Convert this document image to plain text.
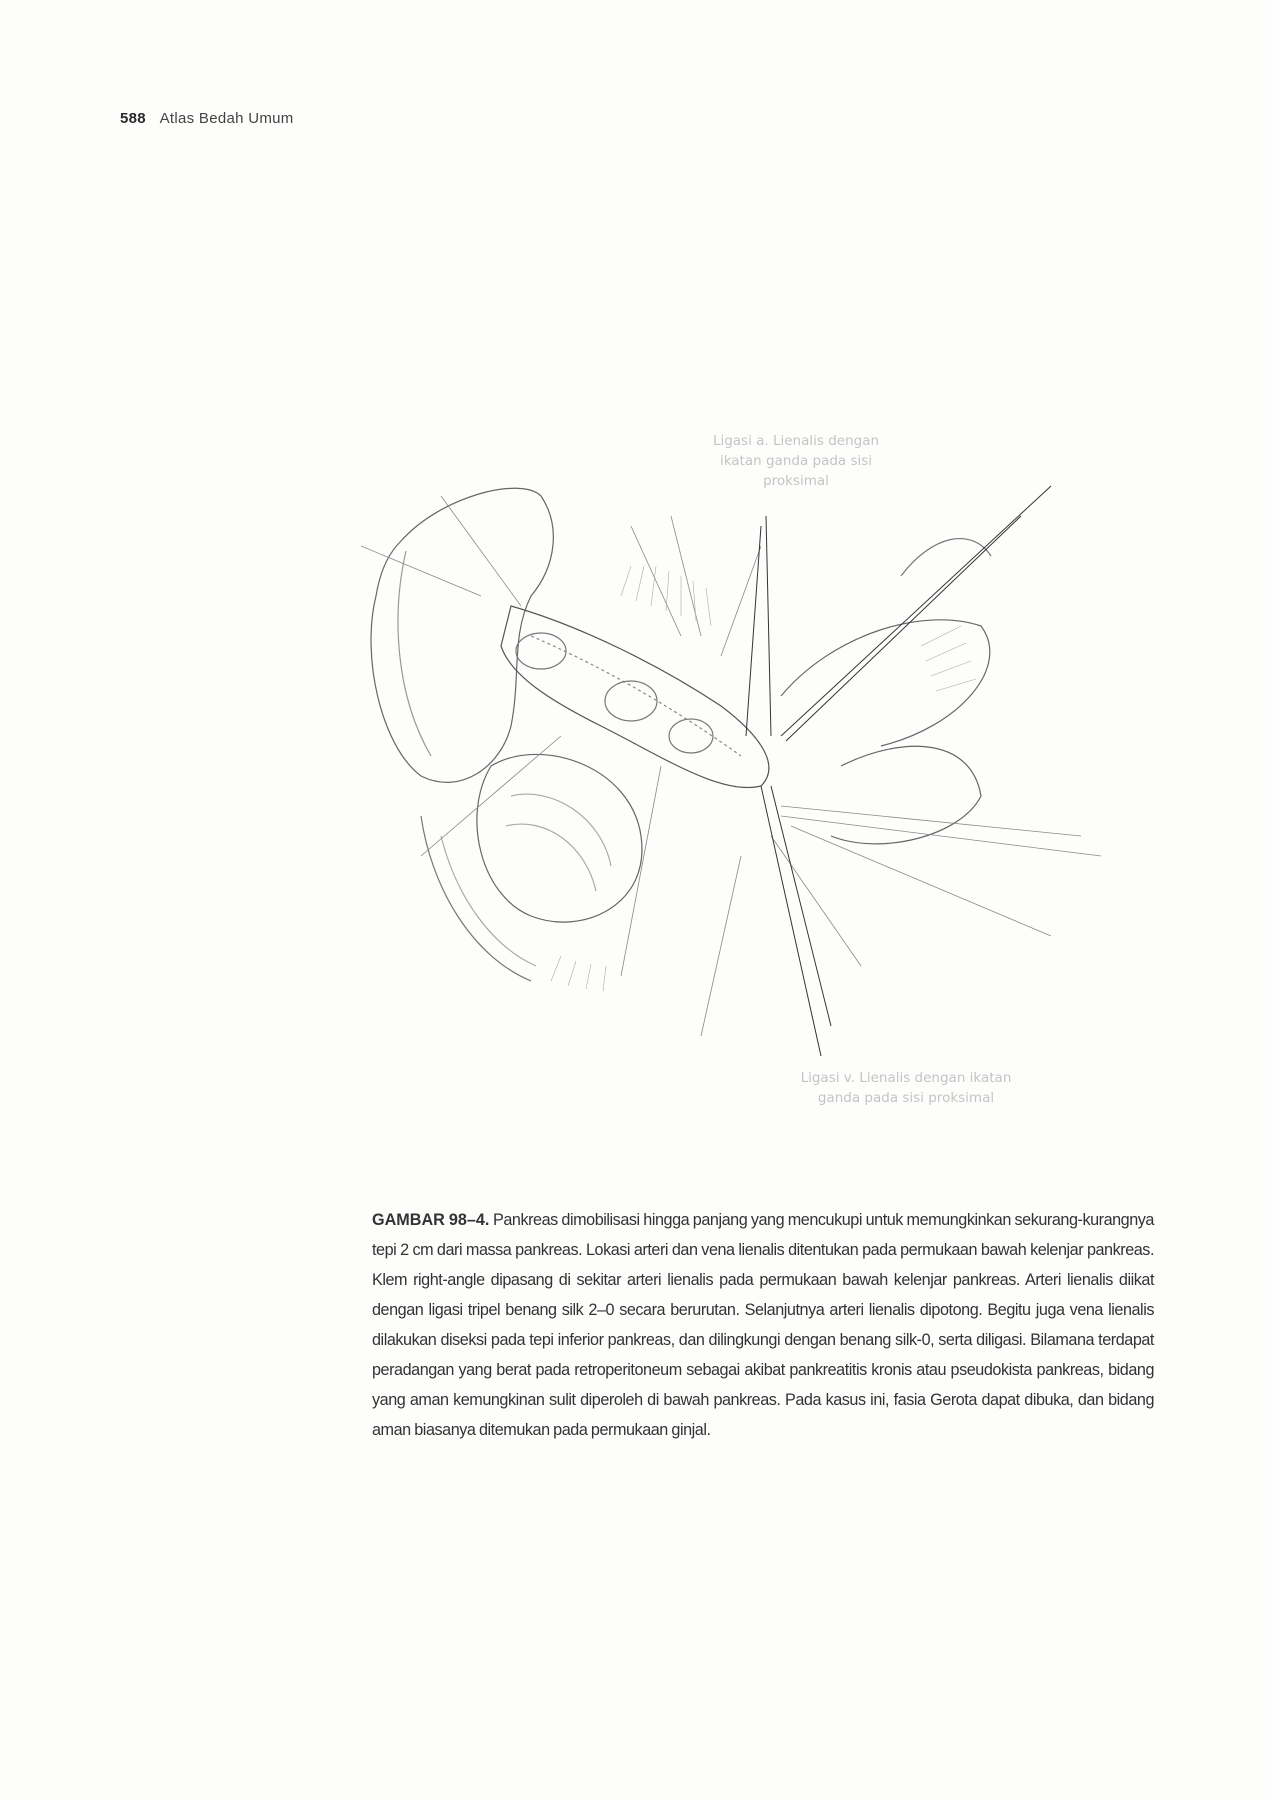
588 Atlas Bedah Umum
Ligasi a. Lienalis dengan ikatan ganda pada sisi proksimal
Ligasi v. Lienalis dengan ikatan ganda pada sisi proksimal
GAMBAR 98–4. Pankreas dimobilisasi hingga panjang yang mencukupi untuk memungkinkan sekurang-kurangnya tepi 2 cm dari massa pankreas. Lokasi arteri dan vena lienalis ditentukan pada permukaan bawah kelenjar pankreas. Klem right-angle dipasang di sekitar arteri lienalis pada permukaan bawah kelenjar pankreas. Arteri lienalis diikat dengan ligasi tripel benang silk 2–0 secara berurutan. Selanjutnya arteri lienalis dipotong. Begitu juga vena lienalis dilakukan diseksi pada tepi inferior pankreas, dan dilingkungi dengan benang silk-0, serta diligasi. Bilamana terdapat peradangan yang berat pada retroperitoneum sebagai akibat pankreatitis kronis atau pseudokista pankreas, bidang yang aman kemungkinan sulit diperoleh di bawah pankreas. Pada kasus ini, fasia Gerota dapat dibuka, dan bidang aman biasanya ditemukan pada permukaan ginjal.
